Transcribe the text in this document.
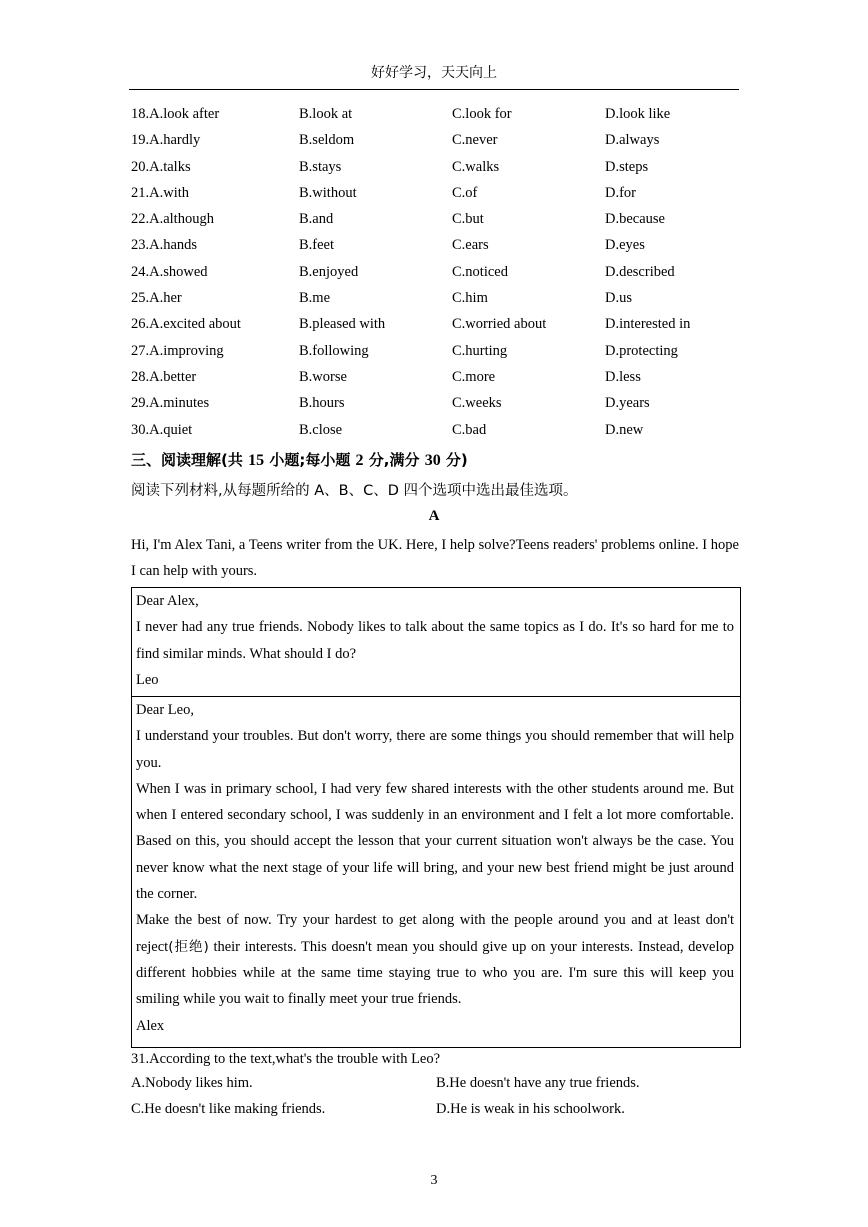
好好学习，天天向上
18.A.look after	B.look at	C.look for	D.look like
19.A.hardly	B.seldom	C.never	D.always
20.A.talks	B.stays	C.walks	D.steps
21.A.with	B.without	C.of	D.for
22.A.although	B.and	C.but	D.because
23.A.hands	B.feet	C.ears	D.eyes
24.A.showed	B.enjoyed	C.noticed	D.described
25.A.her	B.me	C.him	D.us
26.A.excited about	B.pleased with	C.worried about	D.interested in
27.A.improving	B.following	C.hurting	D.protecting
28.A.better	B.worse	C.more	D.less
29.A.minutes	B.hours	C.weeks	D.years
30.A.quiet	B.close	C.bad	D.new
三、阅读理解(共 15 小题;每小题 2 分,满分 30 分)
阅读下列材料,从每题所给的 A、B、C、D 四个选项中选出最佳选项。
A
Hi, I'm Alex Tani, a Teens writer from the UK. Here, I help solve?Teens readers' problems online. I hope I can help with yours.

Dear Alex,

I never had any true friends. Nobody likes to talk about the same topics as I do. It's so hard for me to find similar minds. What should I do?

Leo

Dear Leo,

I understand your troubles. But don't worry, there are some things you should remember that will help you.

When I was in primary school, I had very few shared interests with the other students around me. But when I entered secondary school, I was suddenly in an environment and I felt a lot more comfortable. Based on this, you should accept the lesson that your current situation won't always be the case. You never know what the next stage of your life will bring, and your new best friend might be just around the corner.

Make the best of now. Try your hardest to get along with the people around you and at least don't reject(拒绝) their interests. This doesn't mean you should give up on your interests. Instead, develop different hobbies while at the same time staying true to who you are. I'm sure this will keep you smiling while you wait to finally meet your true friends.

Alex

31.According to the text,what's the trouble with Leo?
A.Nobody likes him.	B.He doesn't have any true friends.
C.He doesn't like making friends.	D.He is weak in his schoolwork.
3
